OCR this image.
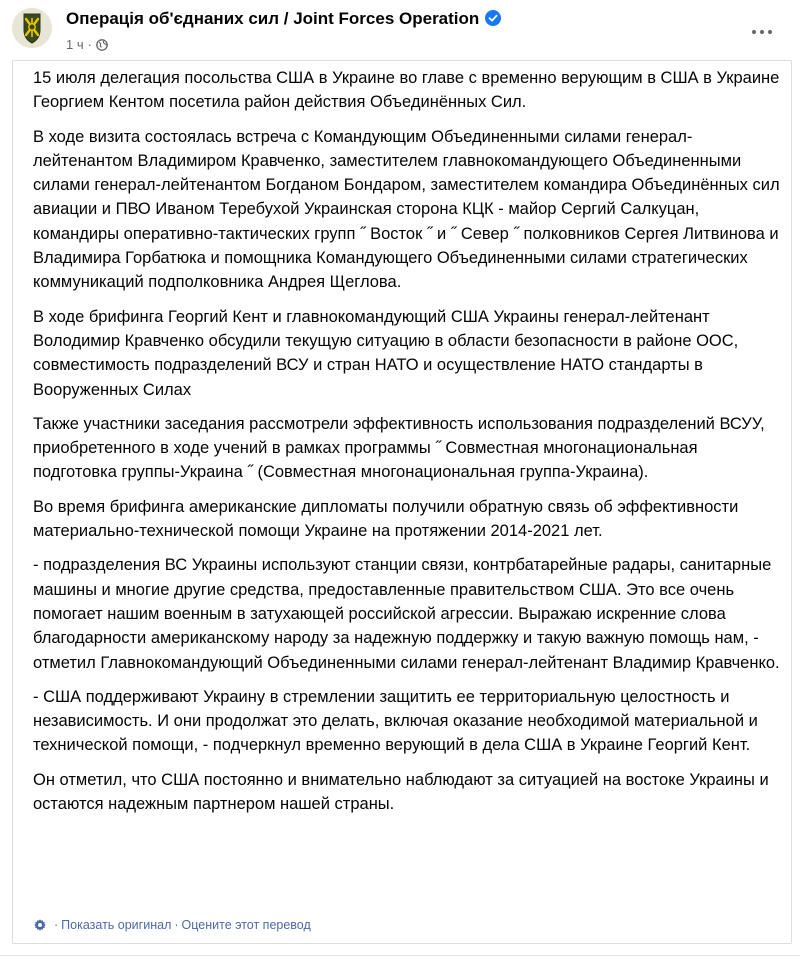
Операція об'єднаних сил / Joint Forces Operation
1 ч ·

15 июля делегация посольства США в Украине во главе с временно верующим в США в Украине Георгием Кентом посетила район действия Объединённых Сил.

В ходе визита состоялась встреча с Командующим Объединенными силами генерал-лейтенантом Владимиром Кравченко, заместителем главнокомандующего Объединенными силами генерал-лейтенантом Богданом Бондаром, заместителем командира Объединённых сил авиации и ПВО Иваном Теребухой Украинская сторона КЦК - майор Сергий Салкуцан, командиры оперативно-тактических групп ˝ Восток ˝ и ˝ Север ˝ полковников Сергея Литвинова и Владимира Горбатюка и помощника Командующего Объединенными силами стратегических коммуникаций подполковника Андрея Щеглова.

В ходе брифинга Георгий Кент и главнокомандующий США Украины генерал-лейтенант Володимир Кравченко обсудили текущую ситуацию в области безопасности в районе ООС, совместимость подразделений ВСУ и стран НАТО и осуществление НАТО стандарты в Вооруженных Силах

Также участники заседания рассмотрели эффективность использования подразделений ВСУУ, приобретенного в ходе учений в рамках программы ˝ Совместная многонациональная подготовка группы-Украина ˝ (Совместная многонациональная группа-Украина).

Во время брифинга американские дипломаты получили обратную связь об эффективности материально-технической помощи Украине на протяжении 2014-2021 лет.

- подразделения ВС Украины используют станции связи, контрбатарейные радары, санитарные машины и многие другие средства, предоставленные правительством США. Это все очень помогает нашим военным в затухающей российской агрессии. Выражаю искренние слова благодарности американскому народу за надежную поддержку и такую важную помощь нам, - отметил Главнокомандующий Объединенными силами генерал-лейтенант Владимир Кравченко.

- США поддерживают Украину в стремлении защитить ее территориальную целостность и независимость. И они продолжат это делать, включая оказание необходимой материальной и технической помощи, - подчеркнул временно верующий в дела США в Украине Георгий Кент.

Он отметил, что США постоянно и внимательно наблюдают за ситуацией на востоке Украины и остаются надежным партнером нашей страны.

· Показать оригинал · Оцените этот перевод
